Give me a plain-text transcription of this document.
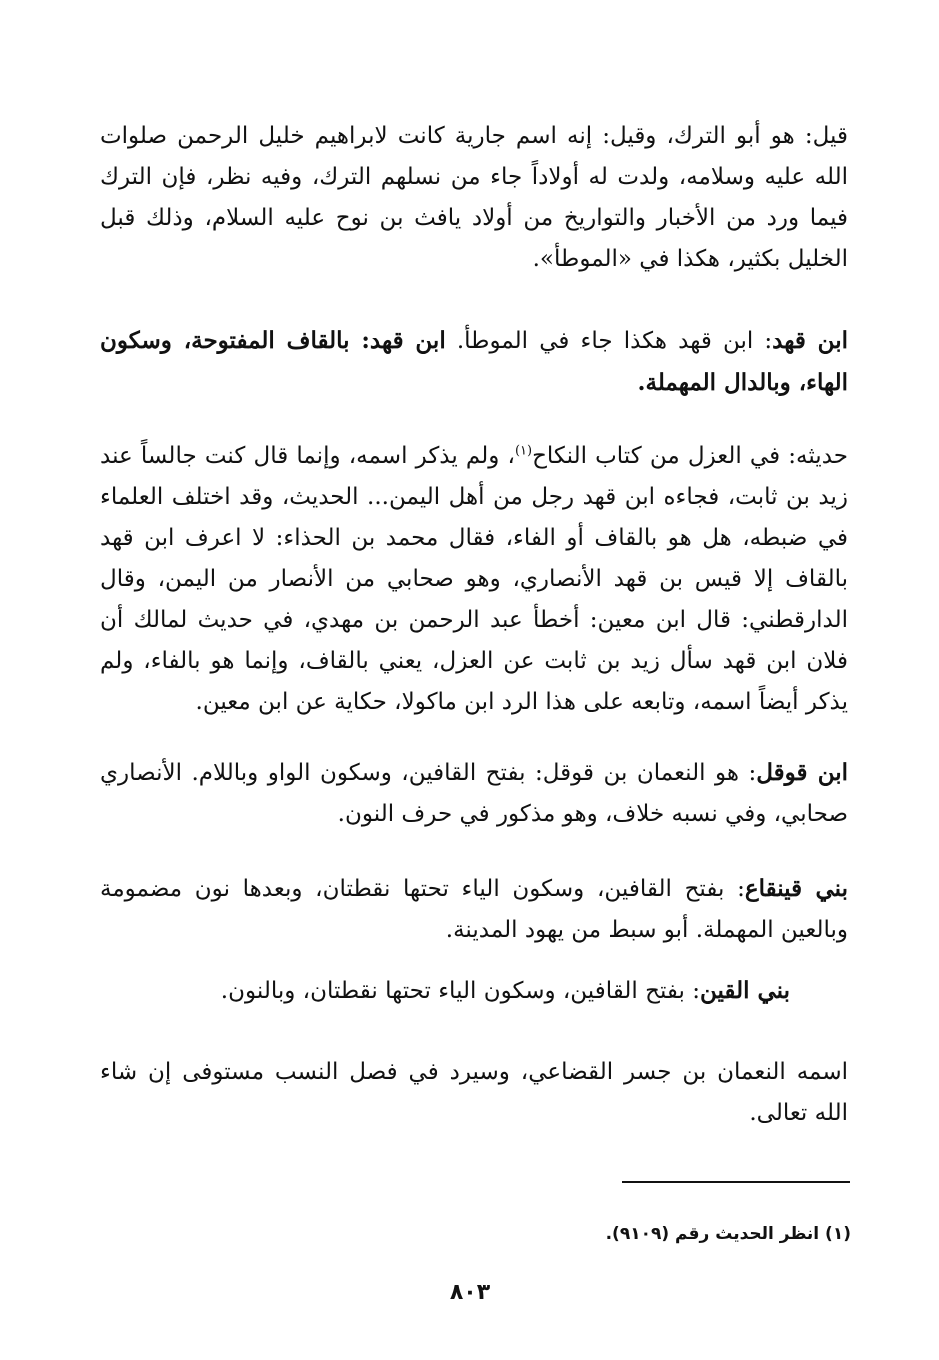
قيل: هو أبو الترك، وقيل: إنه اسم جارية كانت لابراهيم خليل الرحمن صلوات الله عليه وسلامه، ولدت له أولاداً جاء من نسلهم الترك، وفيه نظر، فإن الترك فيما ورد من الأخبار والتواريخ من أولاد يافث بن نوح عليه السلام، وذلك قبل الخليل بكثير، هكذا في «الموطأ».

ابن قهد: ابن قهد هكذا جاء في الموطأ. ابن قهد: بالقاف المفتوحة، وسكون الهاء، وبالدال المهملة.

حديثه: في العزل من كتاب النكاح$^{(١)}$، ولم يذكر اسمه، وإنما قال كنت جالساً عند زيد بن ثابت، فجاءه ابن قهد رجل من أهل اليمن... الحديث، وقد اختلف العلماء في ضبطه، هل هو بالقاف أو الفاء، فقال محمد بن الحذاء: لا اعرف ابن قهد بالقاف إلا قيس بن قهد الأنصاري، وهو صحابي من الأنصار من اليمن، وقال الدارقطني: قال ابن معين: أخطأ عبد الرحمن بن مهدي، في حديث لمالك أن فلان ابن قهد سأل زيد بن ثابت عن العزل، يعني بالقاف، وإنما هو بالفاء، ولم يذكر أيضاً اسمه، وتابعه على هذا الرد ابن ماكولا، حكاية عن ابن معين.

ابن قوقل: هو النعمان بن قوقل: بفتح القافين، وسكون الواو وباللام. الأنصاري صحابي، وفي نسبه خلاف، وهو مذكور في حرف النون.

بني قينقاع: بفتح القافين، وسكون الياء تحتها نقطتان، وبعدها نون مضمومة وبالعين المهملة. أبو سبط من يهود المدينة.

بني القين: بفتح القافين، وسكون الياء تحتها نقطتان، وبالنون.

اسمه النعمان بن جسر القضاعي، وسيرد في فصل النسب مستوفى إن شاء الله تعالى.

(١) انظر الحديث رقم (٩١٠٩).
٨٠٣
